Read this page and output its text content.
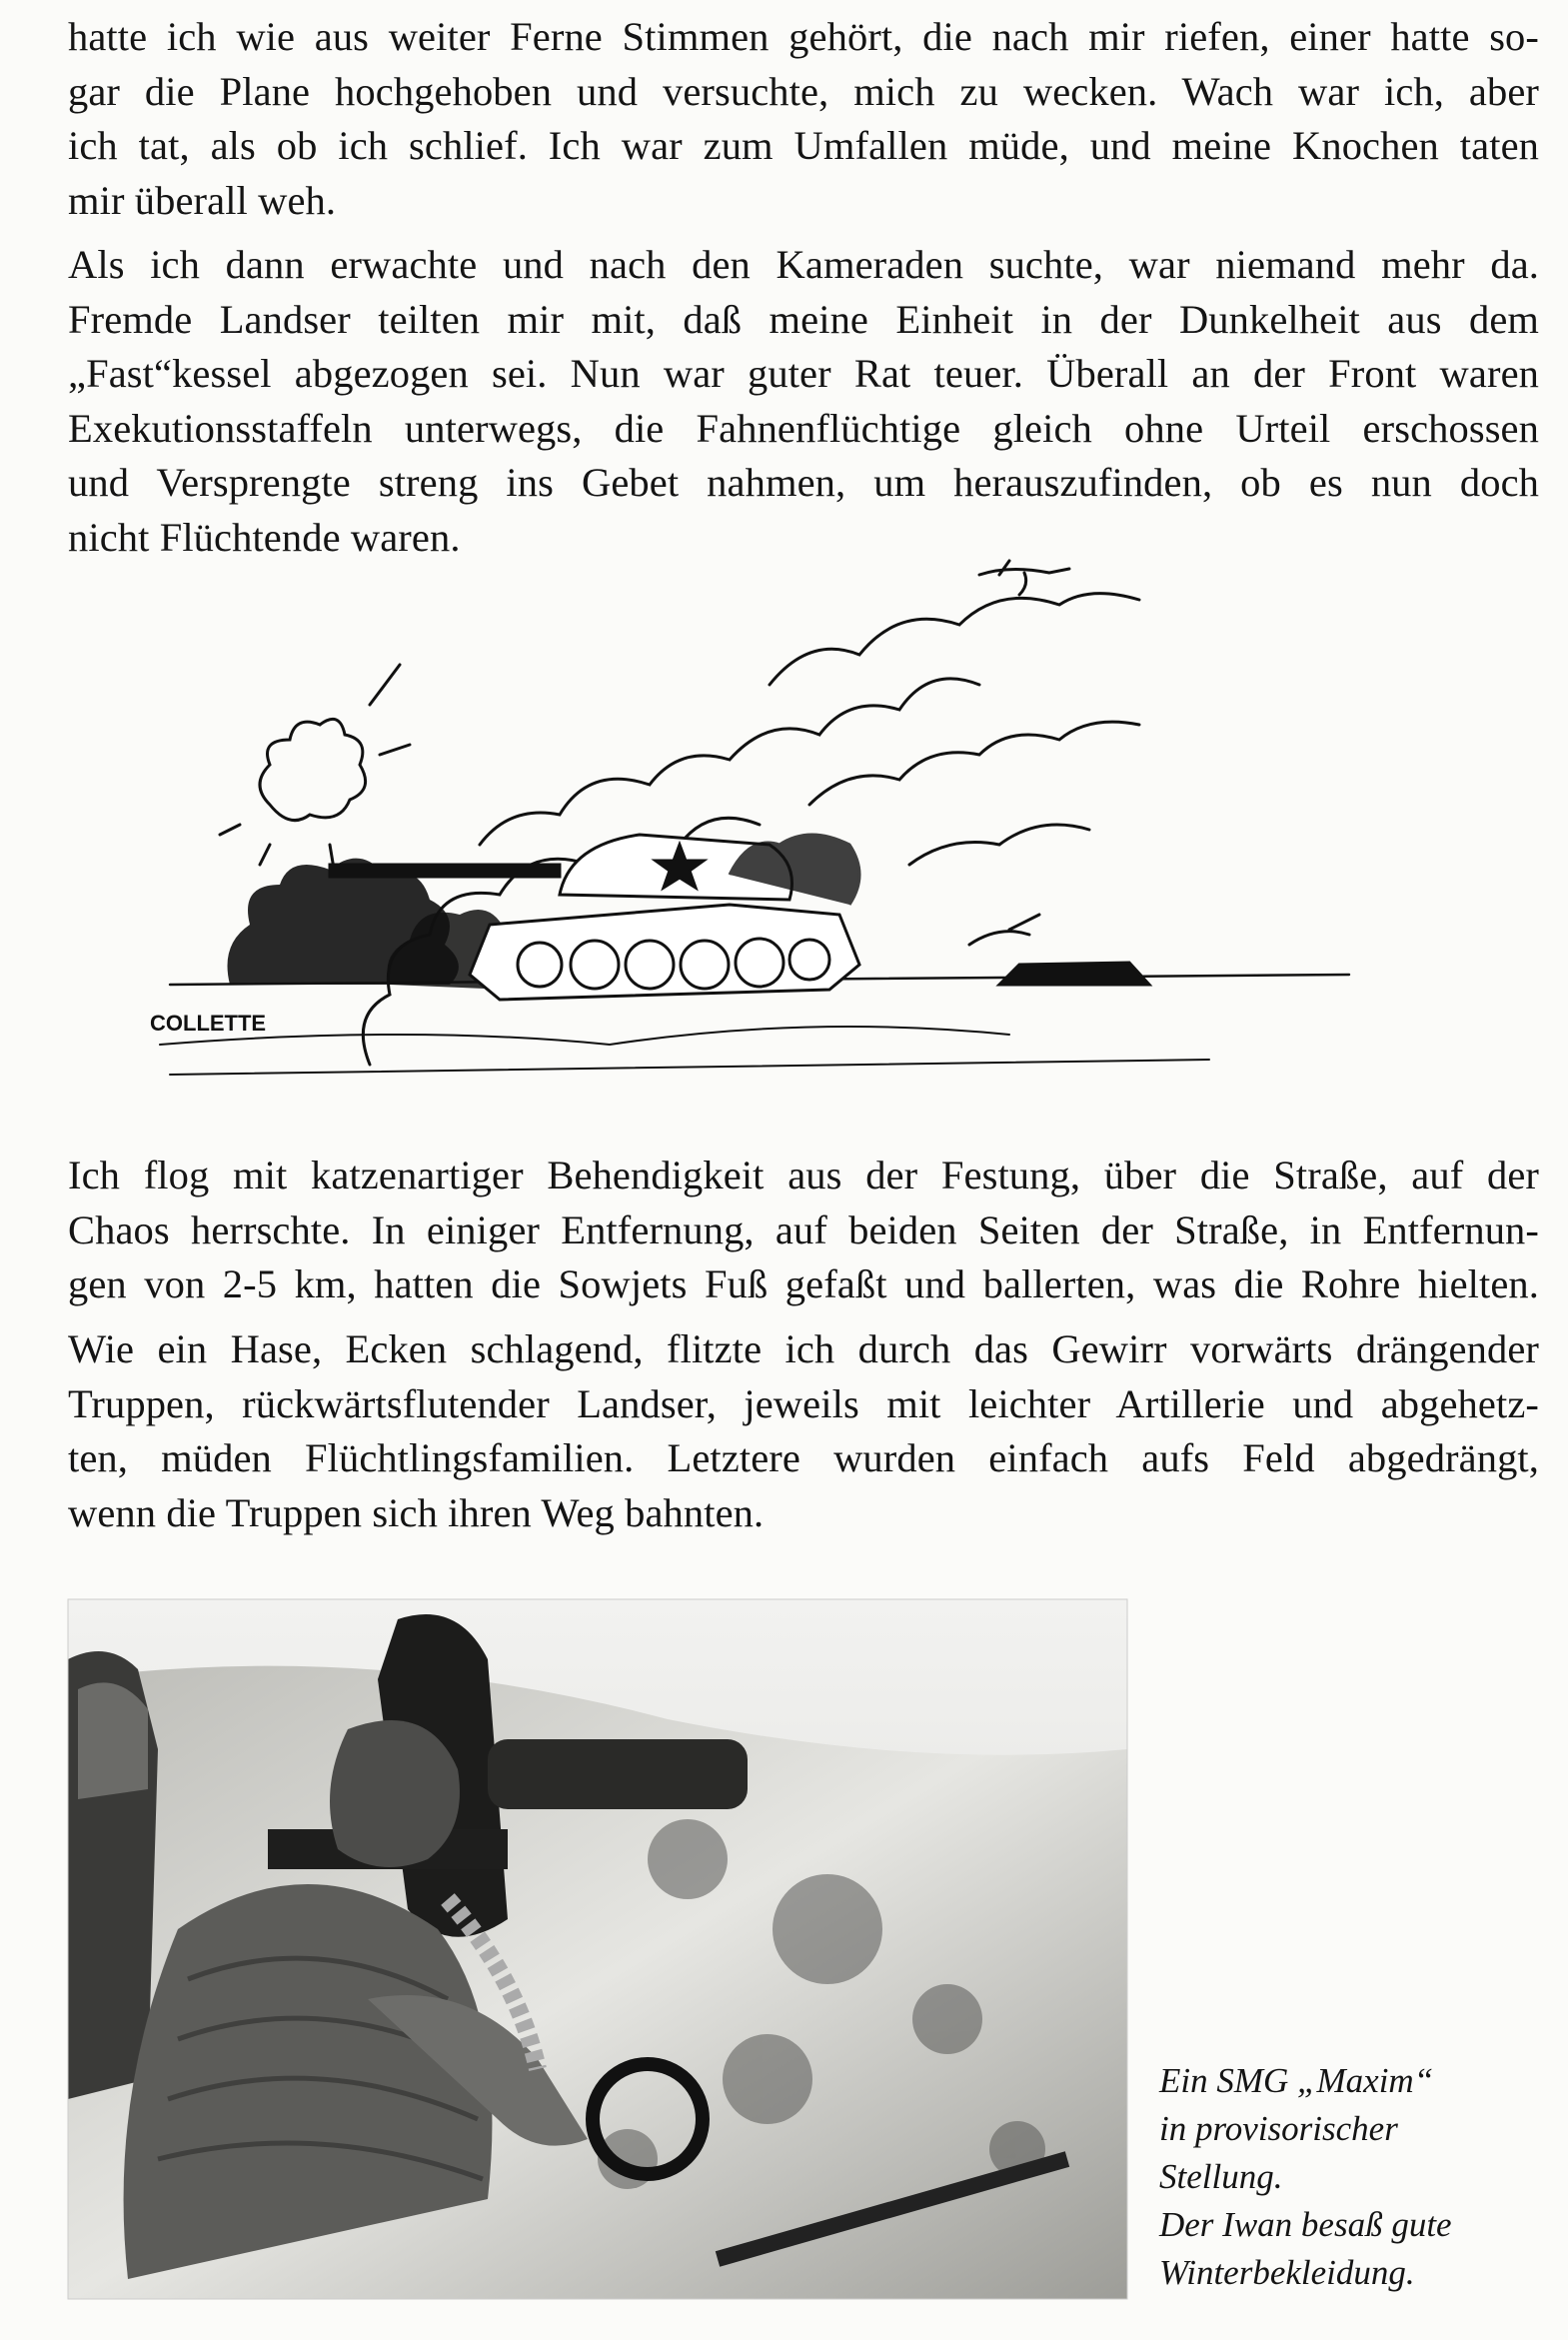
hatte ich wie aus weiter Ferne Stimmen gehört, die nach mir riefen, einer hatte so-
gar die Plane hochgehoben und versuchte, mich zu wecken. Wach war ich, aber
ich tat, als ob ich schlief. Ich war zum Umfallen müde, und meine Knochen taten
mir überall weh.
Als ich dann erwachte und nach den Kameraden suchte, war niemand mehr da.
Fremde Landser teilten mir mit, daß meine Einheit in der Dunkelheit aus dem
„Fast“kessel abgezogen sei. Nun war guter Rat teuer. Überall an der Front waren
Exekutionsstaffeln unterwegs, die Fahnenflüchtige gleich ohne Urteil erschossen
und Versprengte streng ins Gebet nahmen, um herauszufinden, ob es nun doch
nicht Flüchtende waren.
COLLETTE
Ich flog mit katzenartiger Behendigkeit aus der Festung, über die Straße, auf der
Chaos herrschte. In einiger Entfernung, auf beiden Seiten der Straße, in Entfernun-
gen von 2-5 km, hatten die Sowjets Fuß gefaßt und ballerten, was die Rohre hielten.
Wie ein Hase, Ecken schlagend, flitzte ich durch das Gewirr vorwärts drängender
Truppen, rückwärtsflutender Landser, jeweils mit leichter Artillerie und abgehetz-
ten, müden Flüchtlingsfamilien. Letztere wurden einfach aufs Feld abgedrängt,
wenn die Truppen sich ihren Weg bahnten.
Ein SMG „Maxim“
in provisorischer
Stellung.
Der Iwan besaß gute
Winterbekleidung.
